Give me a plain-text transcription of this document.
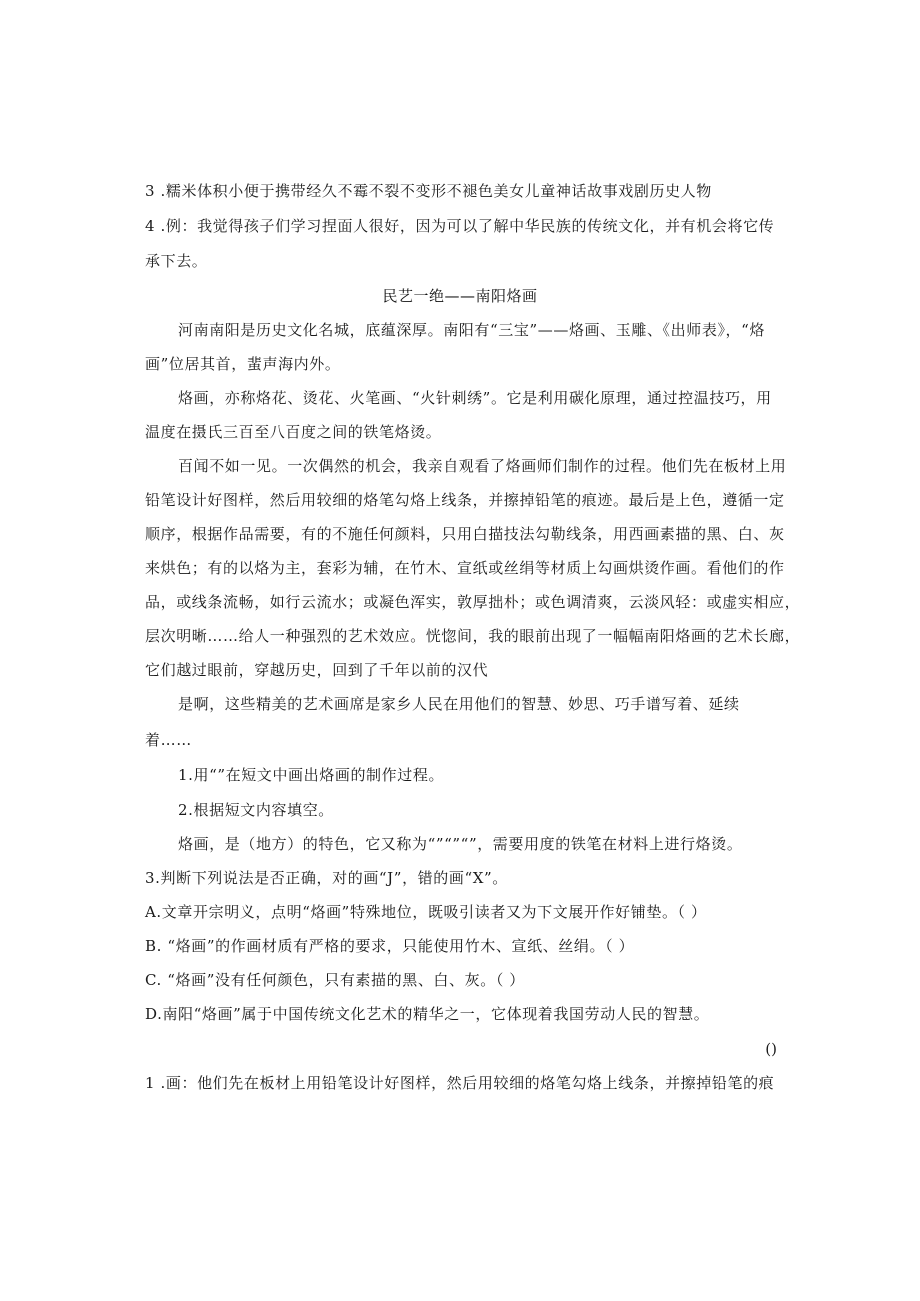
3 .糯米体积小便于携带经久不霉不裂不变形不褪色美女儿童神话故事戏剧历史人物
4 .例：我觉得孩子们学习捏面人很好，因为可以了解中华民族的传统文化，并有机会将它传
承下去。
民艺一绝——南阳烙画
河南南阳是历史文化名城，底蕴深厚。南阳有“三宝”——烙画、玉雕、《出师表》，“烙
画”位居其首，蜚声海内外。
烙画，亦称烙花、烫花、火笔画、“火针刺绣”。它是利用碳化原理，通过控温技巧，用
温度在摄氏三百至八百度之间的铁笔烙烫。
百闻不如一见。一次偶然的机会，我亲自观看了烙画师们制作的过程。他们先在板材上用
铅笔设计好图样，然后用较细的烙笔勾烙上线条，并擦掉铅笔的痕迹。最后是上色，遵循一定
顺序，根据作品需要，有的不施任何颜料，只用白描技法勾勒线条，用西画素描的黑、白、灰
来烘色；有的以烙为主，套彩为辅，在竹木、宣纸或丝绢等材质上勾画烘烫作画。看他们的作
品，或线条流畅，如行云流水；或凝色浑实，敦厚拙朴；或色调清爽，云淡风轻：或虚实相应，
层次明晰……给人一种强烈的艺术效应。恍惚间，我的眼前出现了一幅幅南阳烙画的艺术长廊，
它们越过眼前，穿越历史，回到了千年以前的汉代
是啊，这些精美的艺术画席是家乡人民在用他们的智慧、妙思、巧手谱写着、延续
着……
1.用“”在短文中画出烙画的制作过程。
2.根据短文内容填空。
烙画，是（地方）的特色，它又称为“”“”“”，需要用度的铁笔在材料上进行烙烫。
3.判断下列说法是否正确，对的画“J”，错的画“X”。
A.文章开宗明义，点明“烙画”特殊地位，既吸引读者又为下文展开作好铺垫。（ ）
B. “烙画”的作画材质有严格的要求，只能使用竹木、宣纸、丝绢。（ ）
C. “烙画”没有任何颜色，只有素描的黑、白、灰。（ ）
D.南阳“烙画”属于中国传统文化艺术的精华之一，它体现着我国劳动人民的智慧。
()
1 .画：他们先在板材上用铅笔设计好图样，然后用较细的烙笔勾烙上线条，并擦掉铅笔的痕
